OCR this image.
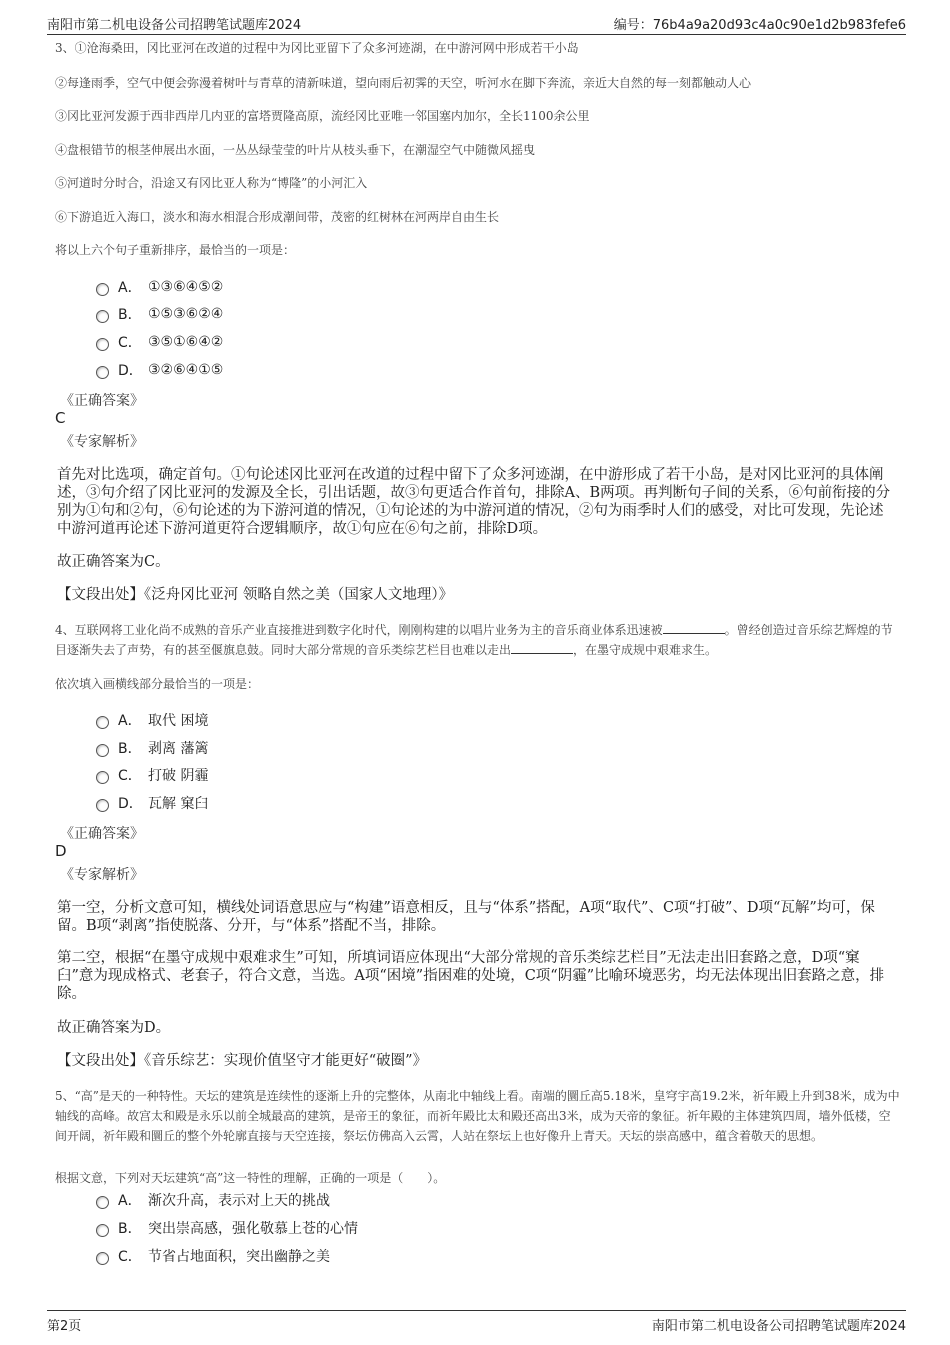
南阳市第二机电设备公司招聘笔试题库2024	编号：76b4a9a20d93c4a0c90e1d2b983fefe6
3、①沧海桑田，冈比亚河在改道的过程中为冈比亚留下了众多河迹湖，在中游河网中形成若干小岛
②每逢雨季，空气中便会弥漫着树叶与青草的清新味道，望向雨后初霁的天空，听河水在脚下奔流，亲近大自然的每一刻都触动人心
③冈比亚河发源于西非西岸几内亚的富塔贾隆高原，流经冈比亚唯一邻国塞内加尔，全长1100余公里
④盘根错节的根茎伸展出水面，一丛丛绿莹莹的叶片从枝头垂下，在潮湿空气中随微风摇曳
⑤河道时分时合，沿途又有冈比亚人称为“博隆”的小河汇入
⑥下游追近入海口，淡水和海水相混合形成潮间带，茂密的红树林在河两岸自由生长
将以上六个句子重新排序，最恰当的一项是：
A． ①③⑥④⑤②
B． ①⑤③⑥②④
C． ③⑤①⑥④②
D． ③②⑥④①⑤
《正确答案》
C
《专家解析》
首先对比选项，确定首句。①句论述冈比亚河在改道的过程中留下了众多河迹湖，在中游形成了若干小岛，是对冈比亚河的具体阐述，③句介绍了冈比亚河的发源及全长，引出话题，故③句更适合作首句，排除A、B两项。再判断句子间的关系，⑥句前衔接的分别为①句和②句，⑥句论述的为下游河道的情况，①句论述的为中游河道的情况，②句为雨季时人们的感受，对比可发现，先论述中游河道再论述下游河道更符合逻辑顺序，故①句应在⑥句之前，排除D项。
故正确答案为C。
【文段出处】《泛舟冈比亚河 领略自然之美（国家人文地理）》
4、互联网将工业化尚不成熟的音乐产业直接推进到数字化时代，刚刚构建的以唱片业务为主的音乐商业体系迅速被	。曾经创造过音乐综艺辉煌的节目逐渐失去了声势，有的甚至偃旗息鼓。同时大部分常规的音乐类综艺栏目也难以走出	，在墨守成规中艰难求生。
依次填入画横线部分最恰当的一项是：
A． 取代 困境
B． 剥离 藩篱
C． 打破 阴霾
D． 瓦解 窠臼
《正确答案》
D
《专家解析》
第一空，分析文意可知，横线处词语意思应与“构建”语意相反，且与“体系”搭配，A项“取代”、C项“打破”、D项“瓦解”均可，保留。B项“剥离”指使脱落、分开，与“体系”搭配不当，排除。
第二空，根据“在墨守成规中艰难求生”可知，所填词语应体现出“大部分常规的音乐类综艺栏目”无法走出旧套路之意，D项“窠臼”意为现成格式、老套子，符合文意，当选。A项“困境”指困难的处境，C项“阴霾”比喻环境恶劣，均无法体现出旧套路之意，排除。
故正确答案为D。
【文段出处】《音乐综艺：实现价值坚守才能更好“破圈”》
5、“高”是天的一种特性。天坛的建筑是连续性的逐渐上升的完整体，从南北中轴线上看。南端的圜丘高5.18米，皇穹宇高19.2米，祈年殿上升到38米，成为中轴线的高峰。故宫太和殿是永乐以前全城最高的建筑，是帝王的象征，而祈年殿比太和殿还高出3米，成为天帝的象征。祈年殿的主体建筑四周，墙外低楼，空间开阔，祈年殿和圜丘的整个外轮廓直接与天空连接，祭坛仿佛高入云霄，人站在祭坛上也好像升上青天。天坛的崇高感中，蕴含着敬天的思想。
根据文意，下列对天坛建筑“高”这一特性的理解，正确的一项是（　　）。
A． 渐次升高，表示对上天的挑战
B． 突出崇高感，强化敬慕上苍的心情
C． 节省占地面积，突出幽静之美
第2页	南阳市第二机电设备公司招聘笔试题库2024
